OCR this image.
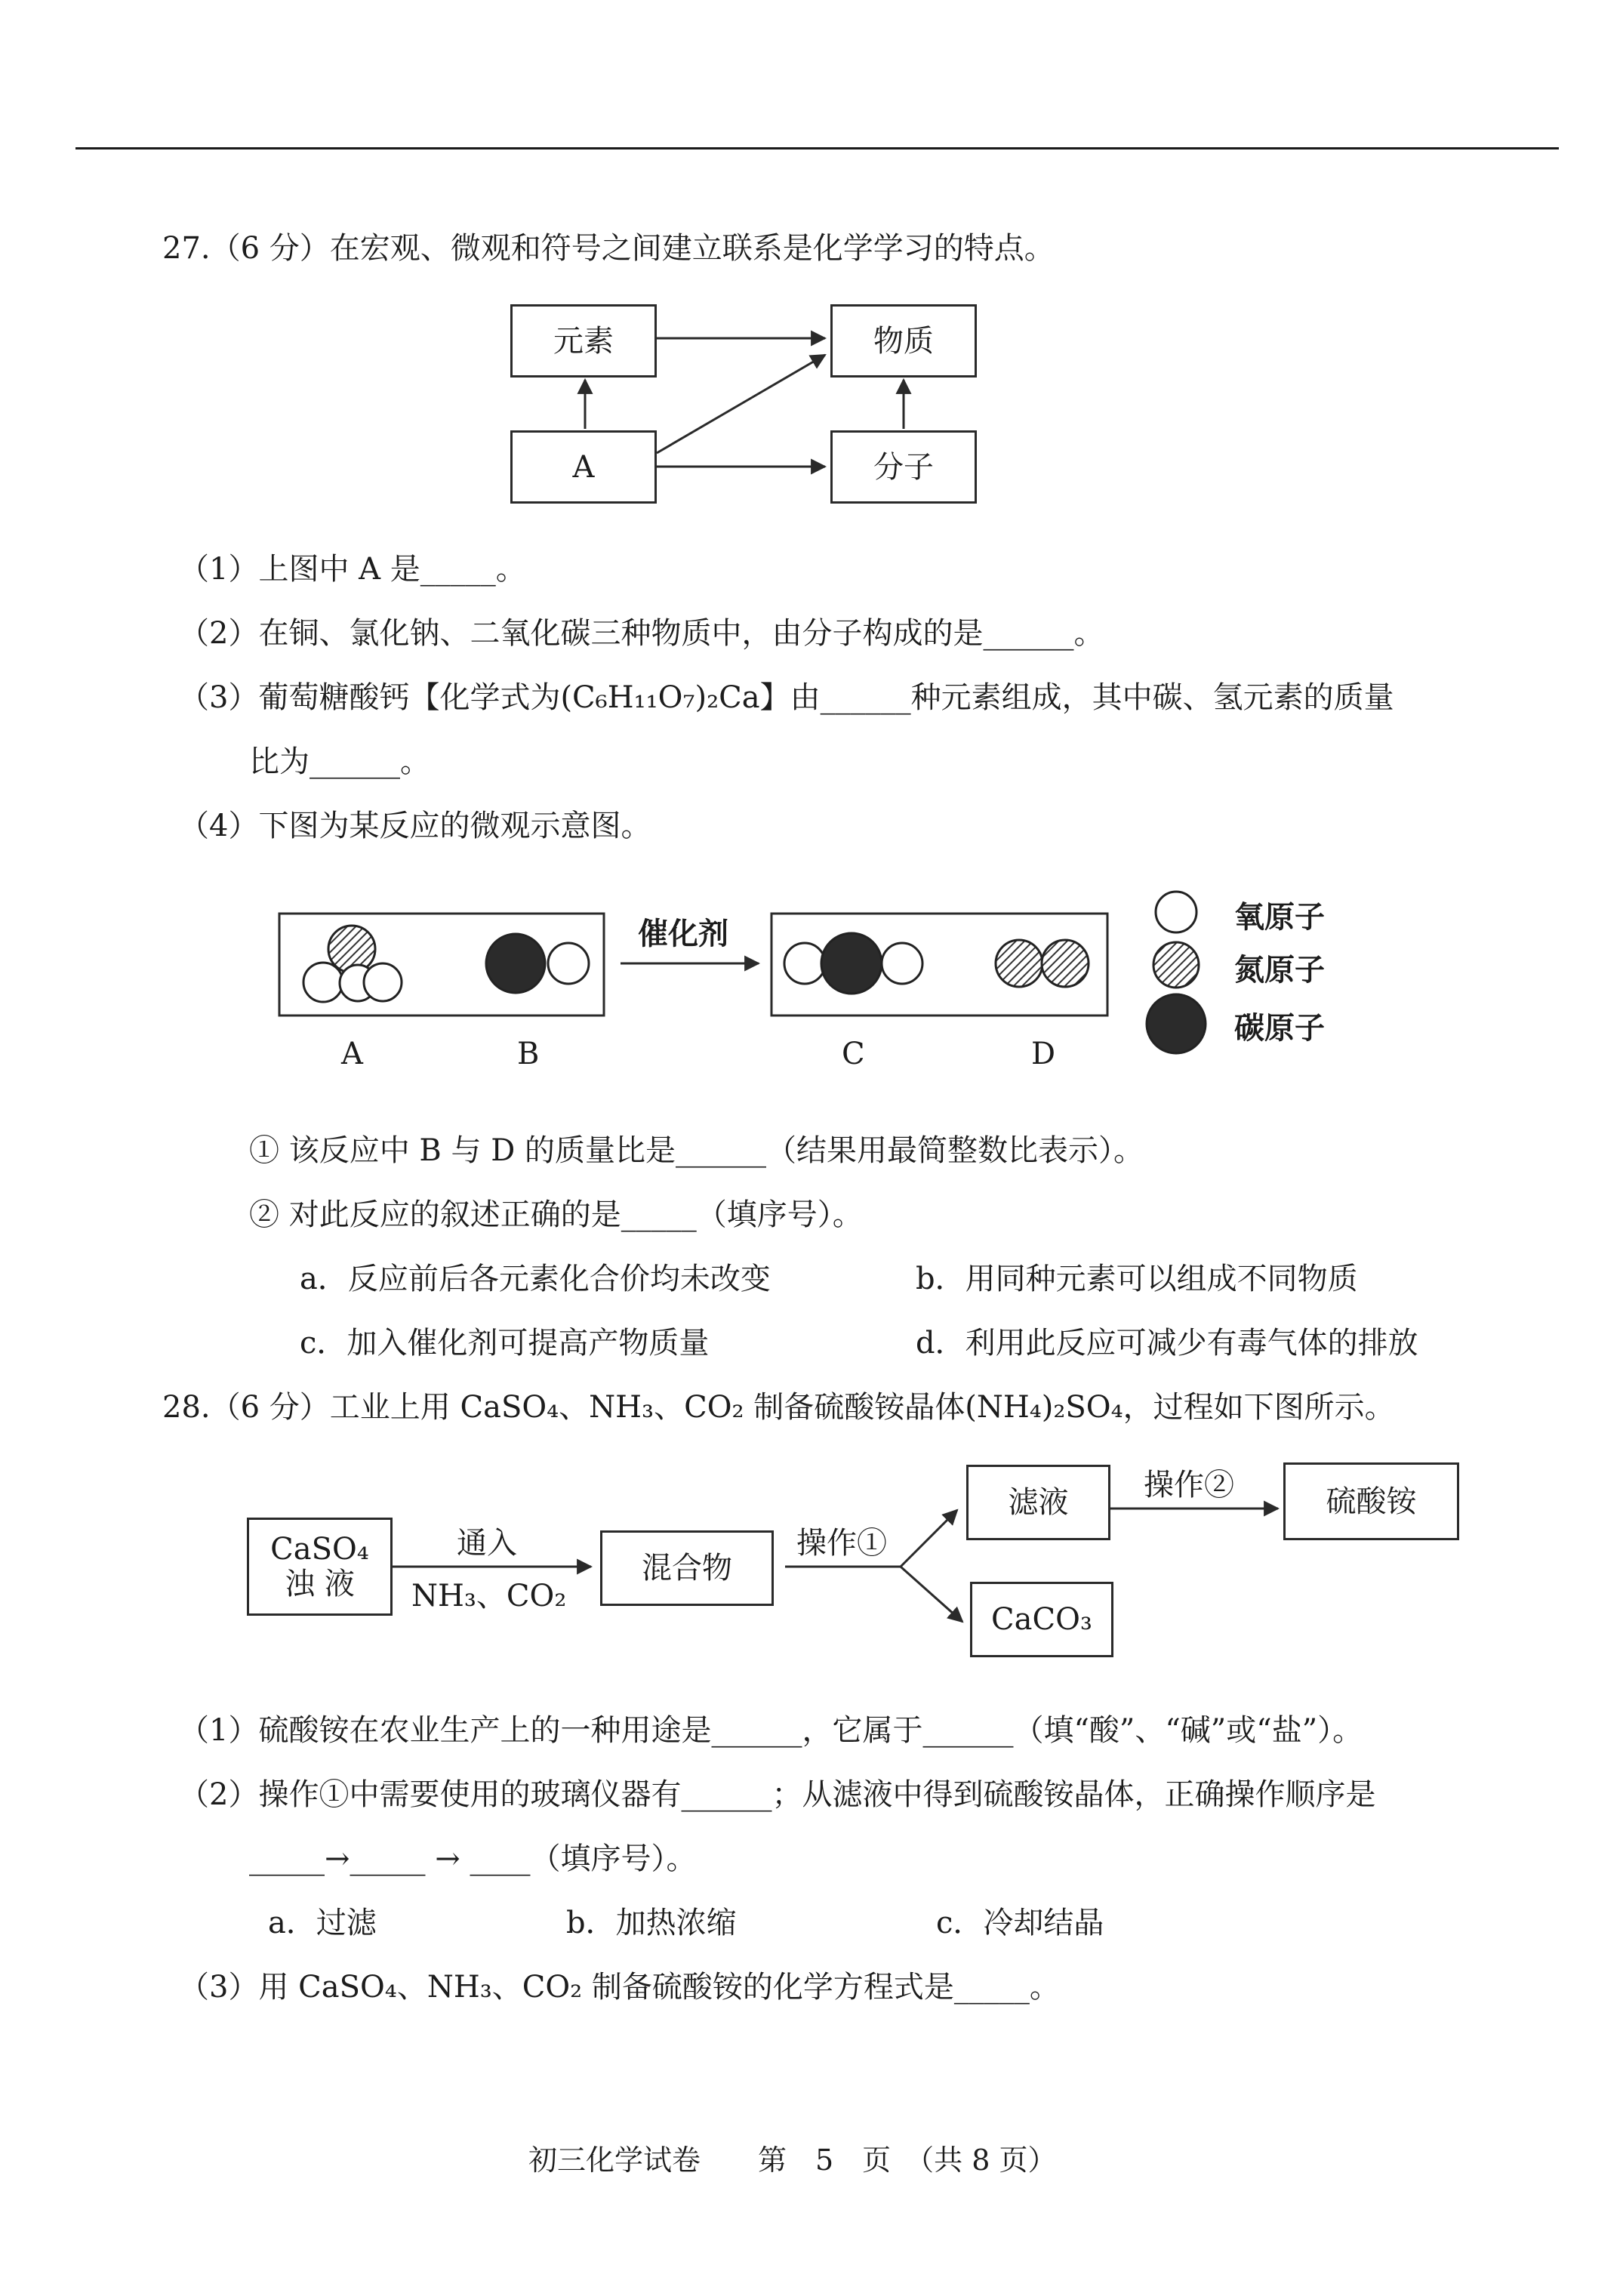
27.（6 分）在宏观、微观和符号之间建立联系是化学学习的特点。
元素	物质
A	分子
（1）上图中 A 是_____。
（2）在铜、氯化钠、二氧化碳三种物质中，由分子构成的是______。
（3）葡萄糖酸钙【化学式为(C₆H₁₁O₇)₂Ca】由______种元素组成，其中碳、氢元素的质量
比为______。
（4）下图为某反应的微观示意图。
催化剂
A	B	C	D
氧原子
氮原子
碳原子
① 该反应中 B 与 D 的质量比是______（结果用最简整数比表示）。
② 对此反应的叙述正确的是_____（填序号）。
a．反应前后各元素化合价均未改变	b．用同种元素可以组成不同物质
c．加入催化剂可提高产物质量	d．利用此反应可减少有毒气体的排放
28.（6 分）工业上用 CaSO₄、NH₃、CO₂ 制备硫酸铵晶体(NH₄)₂SO₄，过程如下图所示。
CaSO₄
浊 液
通入
NH₃、CO₂
混合物
操作①
滤液	操作②	硫酸铵
CaCO₃
（1）硫酸铵在农业生产上的一种用途是______，它属于______（填“酸”、“碱”或“盐”）。
（2）操作①中需要使用的玻璃仪器有______；从滤液中得到硫酸铵晶体，正确操作顺序是
_____→_____ → ____（填序号）。
a．过滤	b．加热浓缩	c．冷却结晶
（3）用 CaSO₄、NH₃、CO₂ 制备硫酸铵的化学方程式是_____。
初三化学试卷　　第　5　页　（共 8 页）
